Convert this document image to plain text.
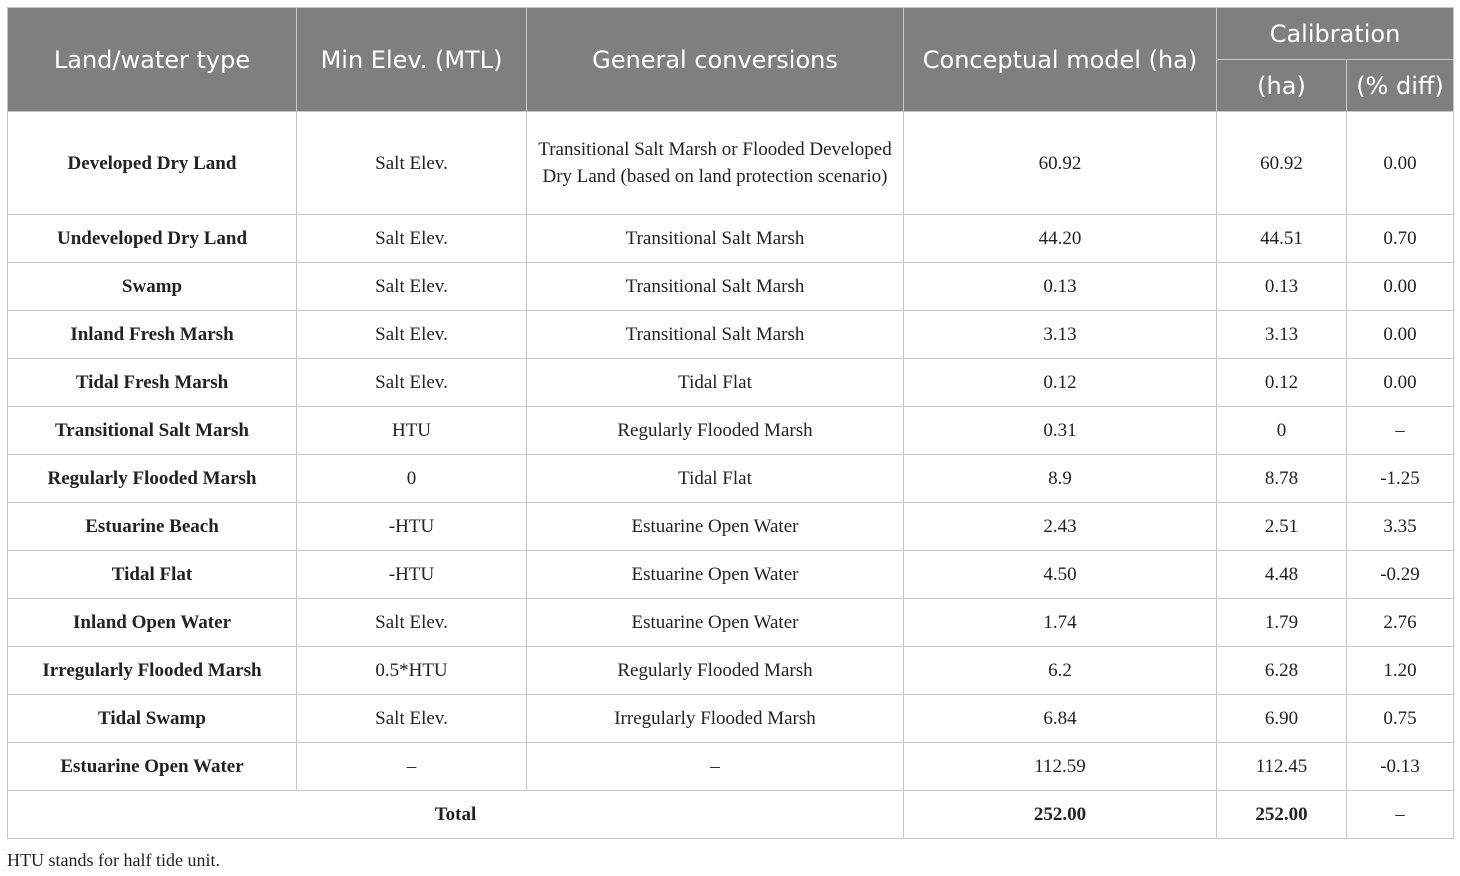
Land/water type	Min Elev. (MTL)	General conversions	Conceptual model (ha)	Calibration	
				(ha)	(% diff)
Developed Dry Land	Salt Elev.	Transitional Salt Marsh or Flooded Developed Dry Land (based on land protection scenario)	60.92	60.92	0.00
Undeveloped Dry Land	Salt Elev.	Transitional Salt Marsh	44.20	44.51	0.70
Swamp	Salt Elev.	Transitional Salt Marsh	0.13	0.13	0.00
Inland Fresh Marsh	Salt Elev.	Transitional Salt Marsh	3.13	3.13	0.00
Tidal Fresh Marsh	Salt Elev.	Tidal Flat	0.12	0.12	0.00
Transitional Salt Marsh	HTU	Regularly Flooded Marsh	0.31	0	–
Regularly Flooded Marsh	0	Tidal Flat	8.9	8.78	-1.25
Estuarine Beach	-HTU	Estuarine Open Water	2.43	2.51	3.35
Tidal Flat	-HTU	Estuarine Open Water	4.50	4.48	-0.29
Inland Open Water	Salt Elev.	Estuarine Open Water	1.74	1.79	2.76
Irregularly Flooded Marsh	0.5*HTU	Regularly Flooded Marsh	6.2	6.28	1.20
Tidal Swamp	Salt Elev.	Irregularly Flooded Marsh	6.84	6.90	0.75
Estuarine Open Water	–	–	112.59	112.45	-0.13
Total			252.00	252.00	–
HTU stands for half tide unit.
